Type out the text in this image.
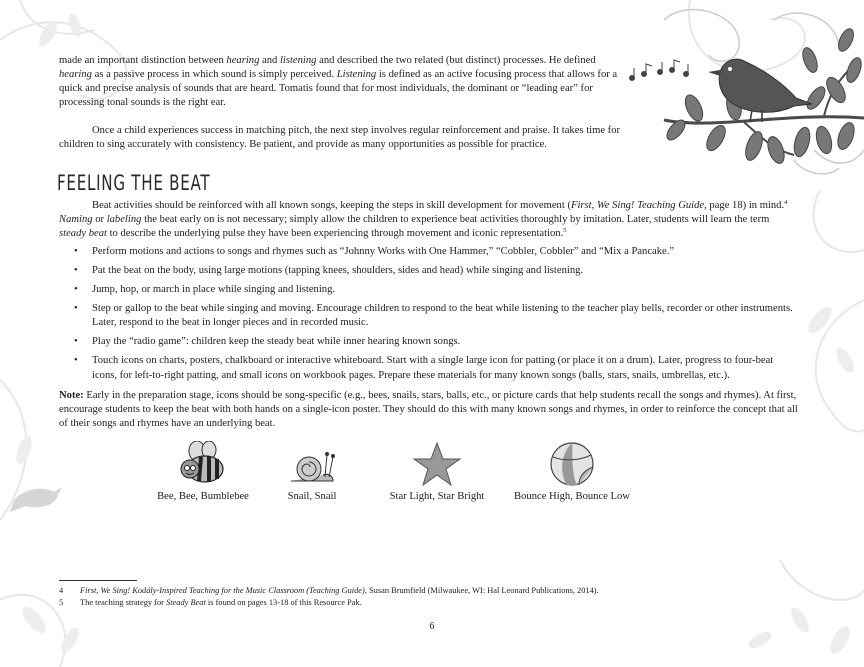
made an important distinction between hearing and listening and described the two related (but distinct) processes. He defined hearing as a passive process in which sound is simply perceived. Listening is defined as an active focusing process that allows for a quick and precise analysis of sounds that are heard. Tomatis found that for most individuals, the dominant or “leading ear” for processing tonal sounds is the right ear.

Once a child experiences success in matching pitch, the next step involves regular reinforcement and praise. It takes time for children to sing accurately with consistency. Be patient, and provide as many opportunities as possible for practice.

FEELING THE BEAT

Beat activities should be reinforced with all known songs, keeping the steps in skill development for movement (First, We Sing! Teaching Guide, page 18) in mind.$^4$ Naming or labeling the beat early on is not necessary; simply allow the children to experience beat activities thoroughly by imitation. Later, students will learn the term steady beat to describe the underlying pulse they have been experiencing through movement and iconic representation.$^5$

• Perform motions and actions to songs and rhymes such as “Johnny Works with One Hammer,” “Cobbler, Cobbler” and “Mix a Pancake.”
• Pat the beat on the body, using large motions (tapping knees, shoulders, sides and head) while singing and listening.
• Jump, hop, or march in place while singing and listening.
• Step or gallop to the beat while singing and moving. Encourage children to respond to the beat while listening to the teacher play bells, recorder or other instruments. Later, respond to the beat in longer pieces and in recorded music.
• Play the “radio game”: children keep the steady beat while inner hearing known songs.
• Touch icons on charts, posters, chalkboard or interactive whiteboard. Start with a single large icon for patting (or place it on a drum). Later, progress to four-beat icons, for left-to-right patting, and small icons on workbook pages. Prepare these materials for many known songs (balls, stars, snails, umbrellas, etc.).

Note: Early in the preparation stage, icons should be song-specific (e.g., bees, snails, stars, balls, etc., or picture cards that help students recall the songs and rhymes). At first, encourage students to keep the beat with both hands on a single-icon poster. They should do this with many known songs and rhymes, in order to reinforce the concept that all of their songs and rhymes have an underlying beat.

Bee, Bee, Bumblebee	Snail, Snail	Star Light, Star Bright	Bounce High, Bounce Low
4	First, We Sing! Kodály-Inspired Teaching for the Music Classroom (Teaching Guide), Susan Brumfield (Milwaukee, WI: Hal Leonard Publications, 2014).
5	The teaching strategy for Steady Beat is found on pages 13-18 of this Resource Pak.
6
